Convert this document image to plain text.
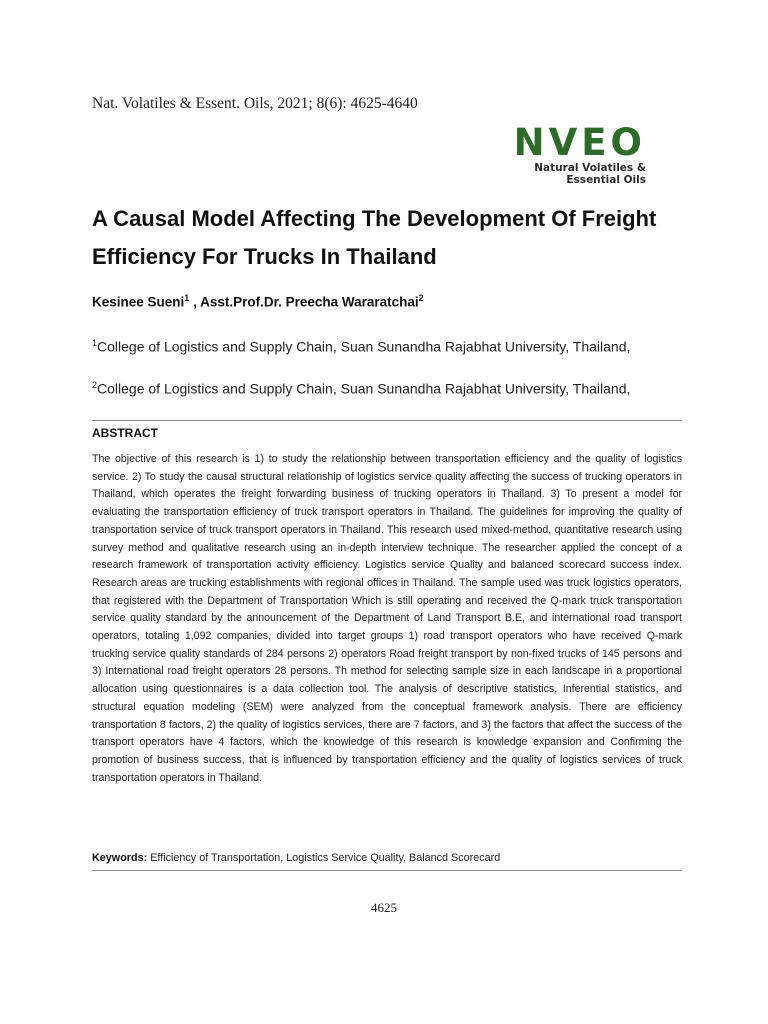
Nat. Volatiles & Essent. Oils, 2021; 8(6): 4625-4640
NVEO
Natural Volatiles &
Essential Oils
A Causal Model Affecting The Development Of Freight
Efficiency For Trucks In Thailand
Kesinee Sueni$^1$ , Asst.Prof.Dr. Preecha Wararatchai$^2$
$^1$College of Logistics and Supply Chain, Suan Sunandha Rajabhat University, Thailand,
$^2$College of Logistics and Supply Chain, Suan Sunandha Rajabhat University, Thailand,
ABSTRACT
The objective of this research is 1) to study the relationship between transportation efficiency and the quality of logistics service. 2) To study the causal structural relationship of logistics service quality affecting the success of trucking operators in Thailand, which operates the freight forwarding business of trucking operators in Thailand. 3) To present a model for evaluating the transportation efficiency of truck transport operators in Thailand. The guidelines for improving the quality of transportation service of truck transport operators in Thailand. This research used mixed-method, quantitative research using survey method and qualitative research using an in-depth interview technique. The researcher applied the concept of a research framework of transportation activity efficiency. Logistics service Quality and balanced scorecard success index. Research areas are trucking establishments with regional offices in Thailand. The sample used was truck logistics operators, that registered with the Department of Transportation Which is still operating and received the Q-mark truck transportation service quality standard by the announcement of the Department of Land Transport B.E, and international road transport operators, totaling 1,092 companies, divided into target groups 1) road transport operators who have received Q-mark trucking service quality standards of 284 persons 2) operators Road freight transport by non-fixed trucks of 145 persons and 3) International road freight operators 28 persons. Th method for selecting sample size in each landscape in a proportional allocation using questionnaires is a data collection tool. The analysis of descriptive statistics, Inferential statistics, and structural equation modeling (SEM) were analyzed from the conceptual framework analysis. There are efficiency transportation 8 factors, 2) the quality of logistics services, there are 7 factors, and 3) the factors that affect the success of the transport operators have 4 factors, which the knowledge of this research is knowledge expansion and Confirming the promotion of business success, that is influenced by transportation efficiency and the quality of logistics services of truck transportation operators in Thailand.
Keywords: Efficiency of Transportation, Logistics Service Quality, Balancd Scorecard
4625
